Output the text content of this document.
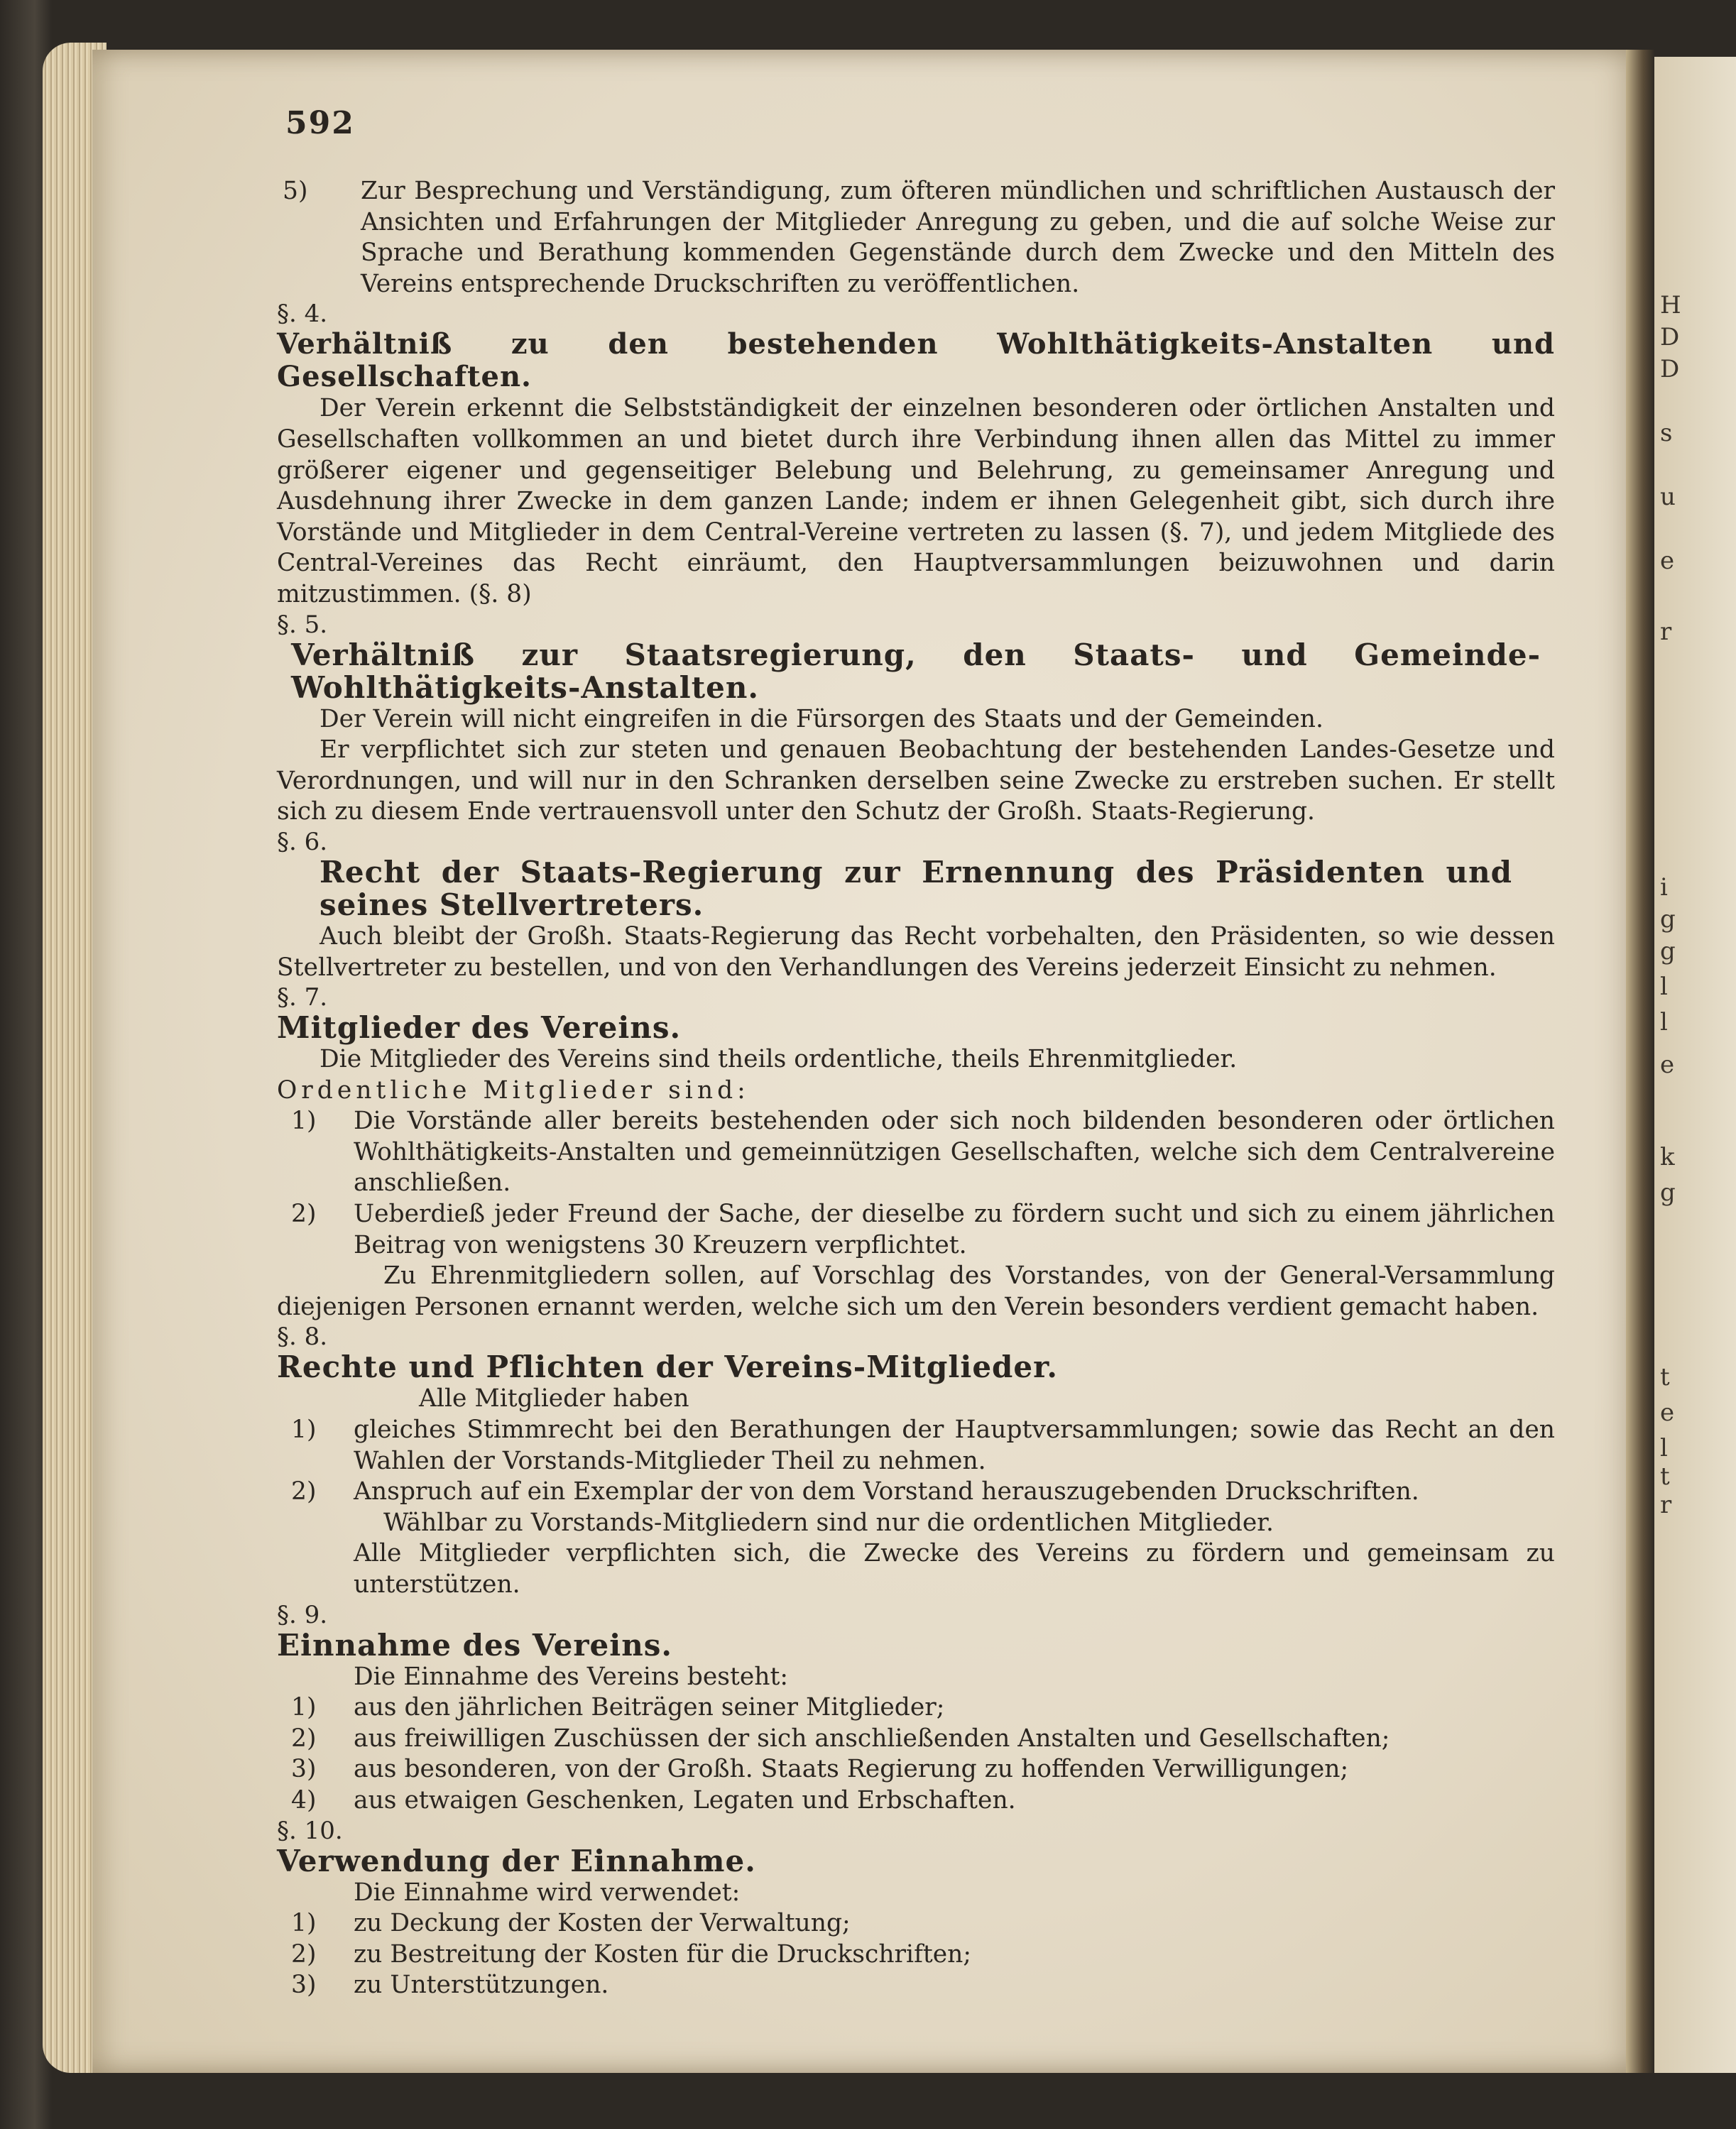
H
D
D
s
u
e
r
i
g
g
l
l
e
k
g
t
e
l
t
r
592

5) Zur Besprechung und Verständigung, zum öfteren mündlichen und schriftlichen Austausch der Ansichten und Erfahrungen der Mitglieder Anregung zu geben, und die auf solche Weise zur Sprache und Berathung kommenden Gegenstände durch dem Zwecke und den Mitteln des Vereins entsprechende Druckschriften zu veröffentlichen.

§. 4.

Verhältniß zu den bestehenden Wohlthätigkeits-Anstalten und Gesellschaften.

Der Verein erkennt die Selbstständigkeit der einzelnen besonderen oder örtlichen Anstalten und Gesellschaften vollkommen an und bietet durch ihre Verbindung ihnen allen das Mittel zu immer größerer eigener und gegenseitiger Belebung und Belehrung, zu gemeinsamer Anregung und Ausdehnung ihrer Zwecke in dem ganzen Lande; indem er ihnen Gelegenheit gibt, sich durch ihre Vorstände und Mitglieder in dem Central-Vereine vertreten zu lassen (§. 7), und jedem Mitgliede des Central-Vereines das Recht einräumt, den Hauptversammlungen beizuwohnen und darin mitzustimmen. (§. 8)

§. 5.

Verhältniß zur Staatsregierung, den Staats- und Gemeinde-Wohlthätigkeits-Anstalten.

Der Verein will nicht eingreifen in die Fürsorgen des Staats und der Gemeinden.

Er verpflichtet sich zur steten und genauen Beobachtung der bestehenden Landes-Gesetze und Verordnungen, und will nur in den Schranken derselben seine Zwecke zu erstreben suchen. Er stellt sich zu diesem Ende vertrauensvoll unter den Schutz der Großh. Staats-Regierung.

§. 6.

Recht der Staats-Regierung zur Ernennung des Präsidenten und seines Stellvertreters.

Auch bleibt der Großh. Staats-Regierung das Recht vorbehalten, den Präsidenten, so wie dessen Stellvertreter zu bestellen, und von den Verhandlungen des Vereins jederzeit Einsicht zu nehmen.

§. 7.

Mitglieder des Vereins.

Die Mitglieder des Vereins sind theils ordentliche, theils Ehrenmitglieder.

Ordentliche Mitglieder sind:

1) Die Vorstände aller bereits bestehenden oder sich noch bildenden besonderen oder örtlichen Wohlthätigkeits-Anstalten und gemeinnützigen Gesellschaften, welche sich dem Centralvereine anschließen.

2) Ueberdieß jeder Freund der Sache, der dieselbe zu fördern sucht und sich zu einem jährlichen Beitrag von wenigstens 30 Kreuzern verpflichtet.

Zu Ehrenmitgliedern sollen, auf Vorschlag des Vorstandes, von der General-Versammlung diejenigen Personen ernannt werden, welche sich um den Verein besonders verdient gemacht haben.

§. 8.

Rechte und Pflichten der Vereins-Mitglieder.

Alle Mitglieder haben

1) gleiches Stimmrecht bei den Berathungen der Hauptversammlungen; sowie das Recht an den Wahlen der Vorstands-Mitglieder Theil zu nehmen.

2) Anspruch auf ein Exemplar der von dem Vorstand herauszugebenden Druckschriften.

Wählbar zu Vorstands-Mitgliedern sind nur die ordentlichen Mitglieder.

Alle Mitglieder verpflichten sich, die Zwecke des Vereins zu fördern und gemeinsam zu unterstützen.

§. 9.

Einnahme des Vereins.

Die Einnahme des Vereins besteht:

1) aus den jährlichen Beiträgen seiner Mitglieder;

2) aus freiwilligen Zuschüssen der sich anschließenden Anstalten und Gesellschaften;

3) aus besonderen, von der Großh. Staats Regierung zu hoffenden Verwilligungen;

4) aus etwaigen Geschenken, Legaten und Erbschaften.

§. 10.

Verwendung der Einnahme.

Die Einnahme wird verwendet:

1) zu Deckung der Kosten der Verwaltung;

2) zu Bestreitung der Kosten für die Druckschriften;

3) zu Unterstützungen.
